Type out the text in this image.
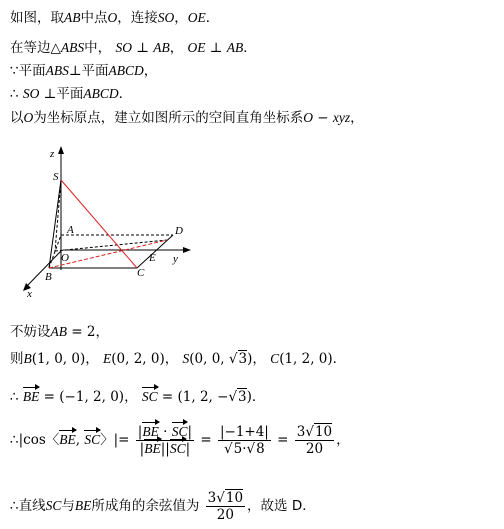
如图，取AB中点O，连接SO，OE．
在等边△ABS中， SO ⊥ AB， OE ⊥ AB．
∵平面ABS⊥平面ABCD，
∴ SO ⊥平面ABCD．
以O为坐标原点，建立如图所示的空间直角坐标系O − xyz，
z
S
A	D
O	E y
B	C
x
不妨设AB = 2，
则B(1, 0, 0)， E(0, 2, 0)， S(0, 0, √3)， C(1, 2, 0)．
∴ BE = (−1, 2, 0)， SC = (1, 2, −√3)．
∴|cos〈BE, SC〉|= $\frac{|BE \cdot SC|}{|BE||SC|} = \frac{|-1+4|}{√5\cdot√8} = \frac{3√10}{20}$ ，
∴直线SC与BE所成角的余弦值为 $\frac{3√10}{20}$ ，故选 D．
